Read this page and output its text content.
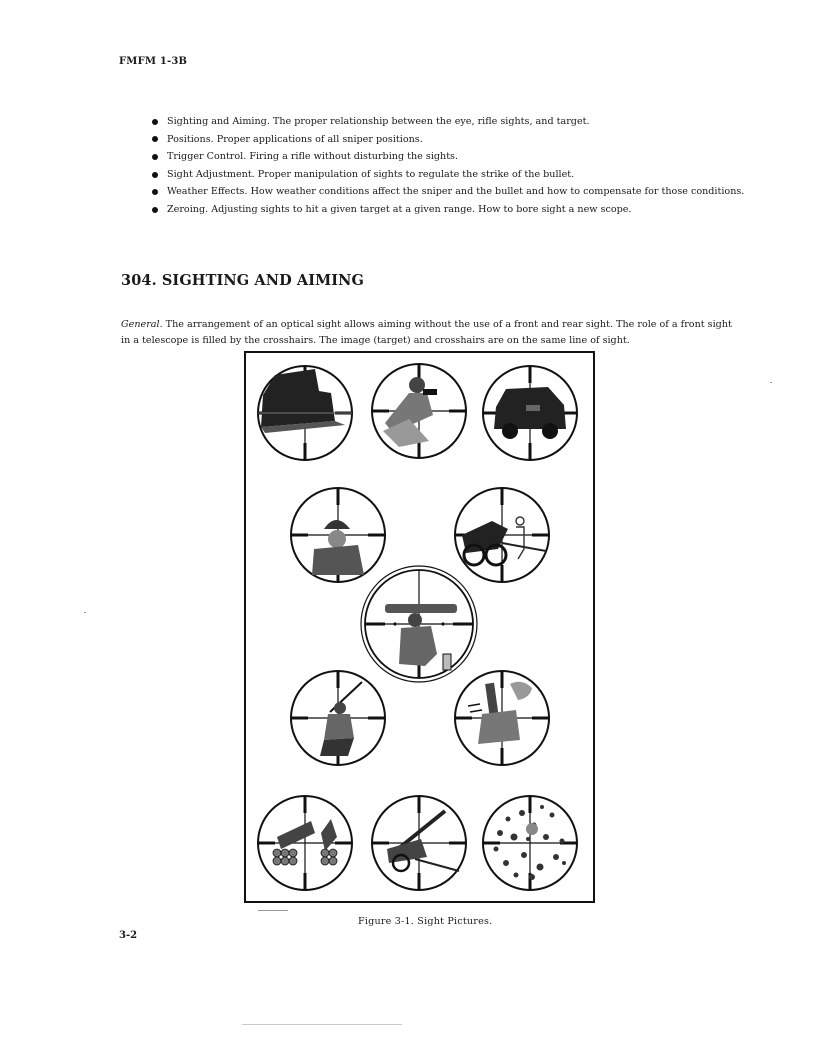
FMFM 1-3B
Sighting and Aiming. The proper relationship between the eye, rifle sights, and target.
Positions. Proper applications of all sniper positions.
Trigger Control. Firing a rifle without disturbing the sights.
Sight Adjustment. Proper manipulation of sights to regulate the strike of the bullet.
Weather Effects. How weather conditions affect the sniper and the bullet and how to compensate for those conditions.
Zeroing. Adjusting sights to hit a given target at a given range. How to bore sight a new scope.
304. SIGHTING AND AIMING
General. The arrangement of an optical sight allows aiming without the use of a front and rear sight. The role of a front sight in a telescope is filled by the crosshairs. The image (target) and crosshairs are on the same line of sight.
Figure 3-1. Sight Pictures.
3-2
